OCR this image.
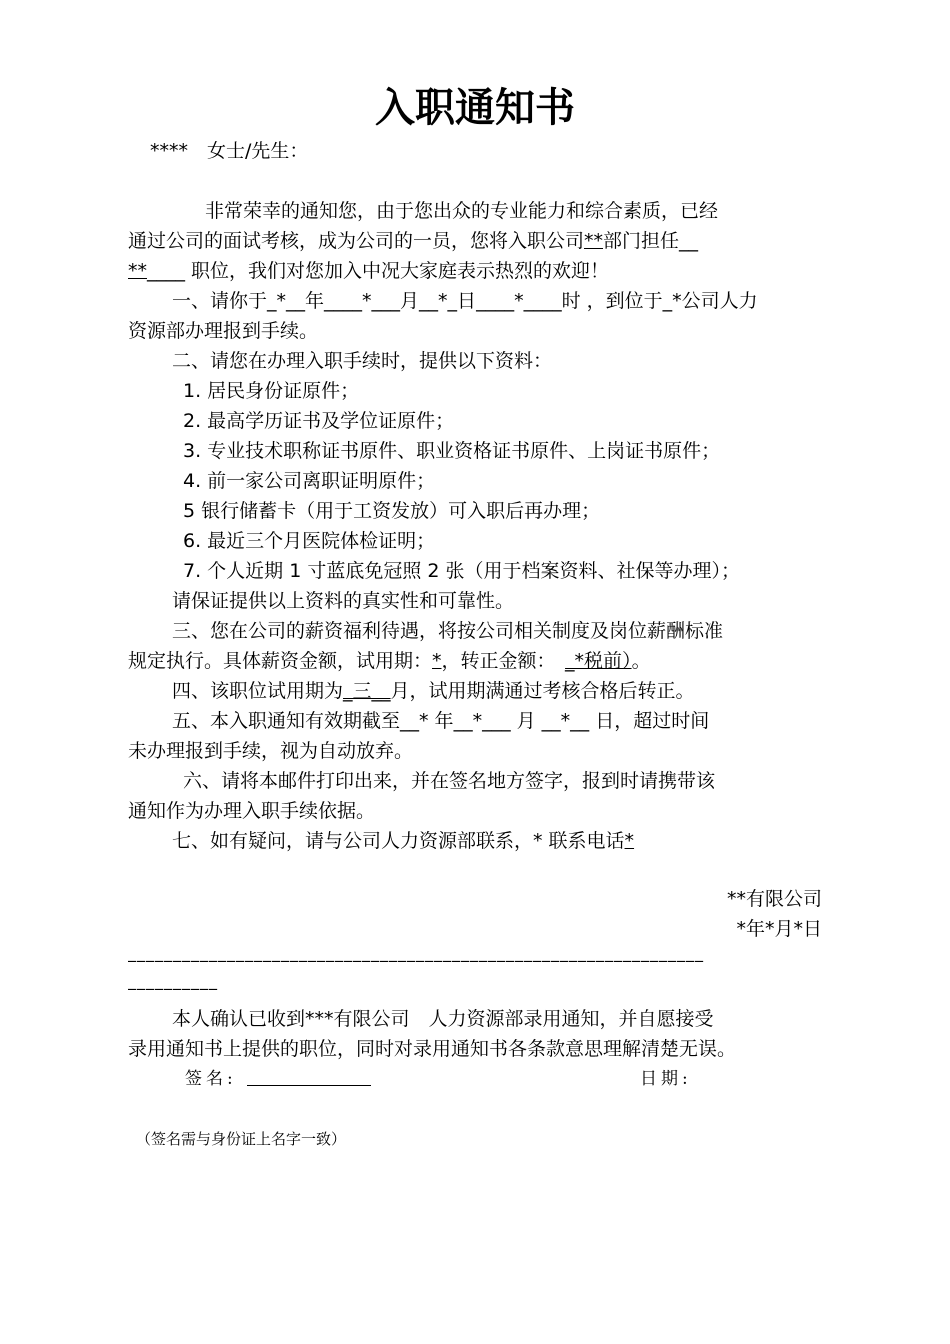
入职通知书
****　女士/先生：
非常荣幸的通知您，由于您出众的专业能力和综合素质，已经
通过公司的面试考核，成为公司的一员，您将入职公司**部门担任__
**____ 职位，我们对您加入中况大家庭表示热烈的欢迎！
一、请你于_*__年____*___月__*_日____*____时 ，到位于_*公司人力
资源部办理报到手续。
二、请您在办理入职手续时，提供以下资料：
1. 居民身份证原件；
2. 最高学历证书及学位证原件；
3. 专业技术职称证书原件、职业资格证书原件、上岗证书原件；
4. 前一家公司离职证明原件；
5 银行储蓄卡（用于工资发放）可入职后再办理；
6. 最近三个月医院体检证明；
7. 个人近期 1 寸蓝底免冠照 2 张（用于档案资料、社保等办理）；
请保证提供以上资料的真实性和可靠性。
三、您在公司的薪资福利待遇，将按公司相关制度及岗位薪酬标准
规定执行。具体薪资金额，试用期：*，转正金额：　 _*税前）。
四、该职位试用期为_三__月，试用期满通过考核合格后转正。
五、本入职通知有效期截至__* 年__*___ 月 __*__ 日，超过时间
未办理报到手续，视为自动放弃。
六、请将本邮件打印出来，并在签名地方签字，报到时请携带该
通知作为办理入职手续依据。
七、如有疑问，请与公司人力资源部联系，* 联系电话*
**有限公司
*年*月*日
________________________________________________________________
__________
本人确认已收到***有限公司　人力资源部录用通知，并自愿接受
录用通知书上提供的职位，同时对录用通知书各条款意思理解清楚无误。
签名:	日期:
（签名需与身份证上名字一致）
